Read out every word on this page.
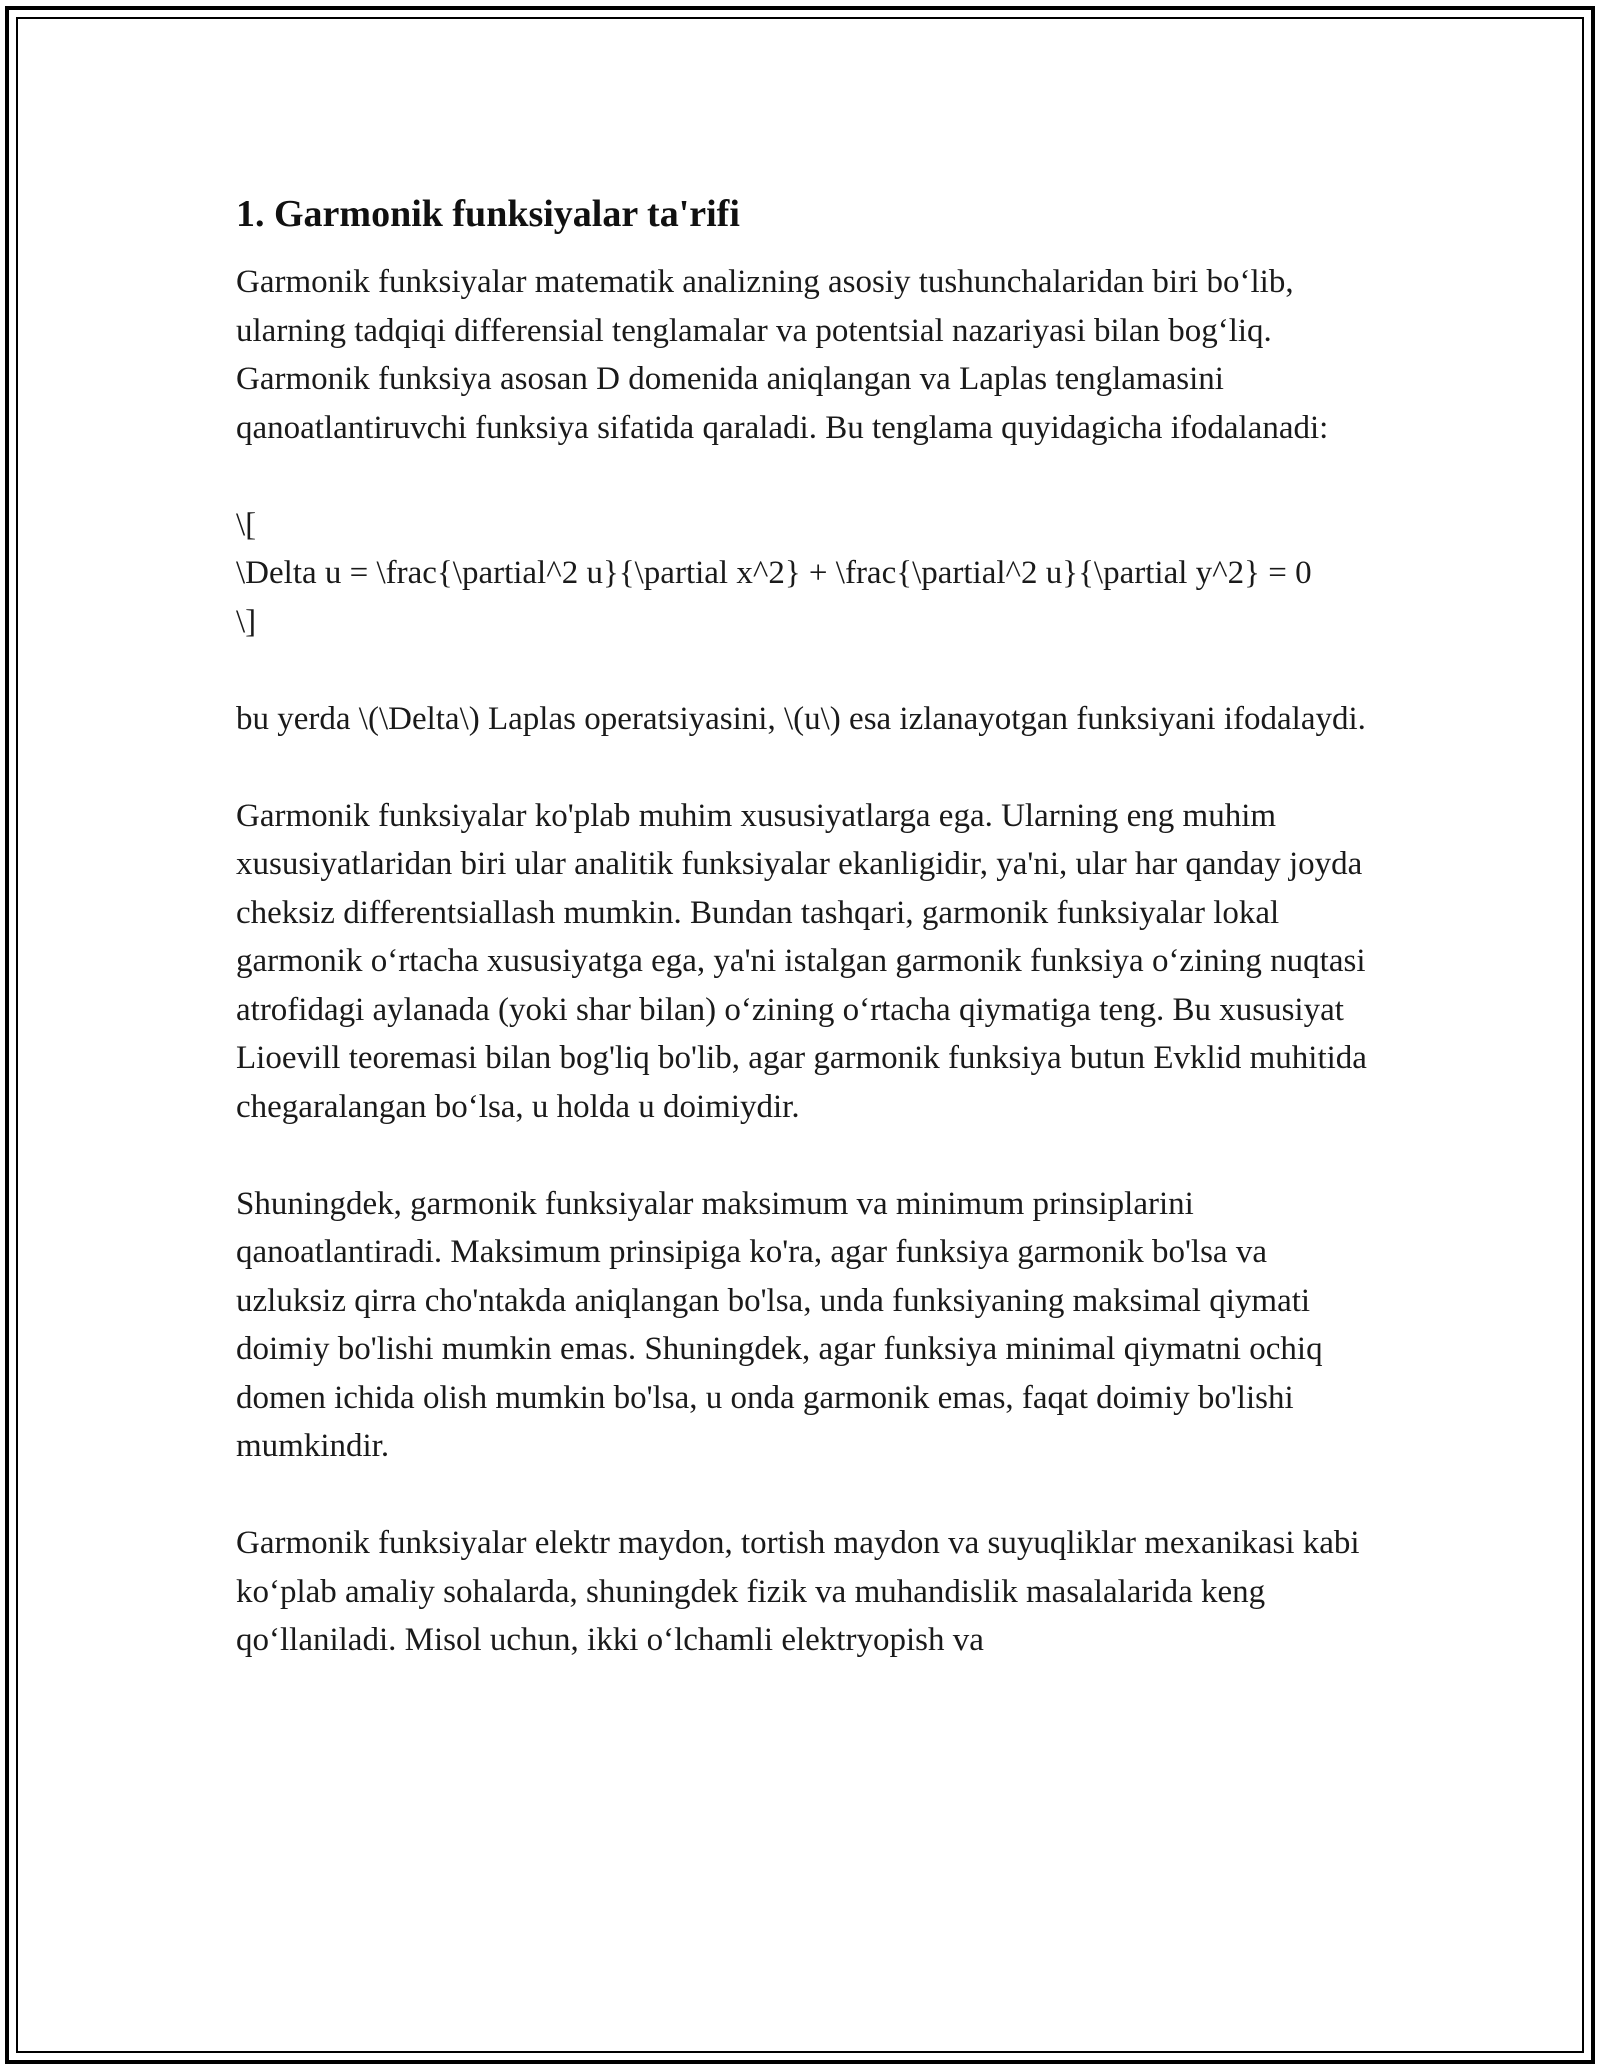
1. Garmonik funksiyalar ta'rifi

Garmonik funksiyalar matematik analizning asosiy tushunchalaridan biri bo‘lib, ularning tadqiqi differensial tenglamalar va potentsial nazariyasi bilan bog‘liq. Garmonik funksiya asosan D domenida aniqlangan va Laplas tenglamasini qanoatlantiruvchi funksiya sifatida qaraladi. Bu tenglama quyidagicha ifodalanadi:

\[
\Delta u = \frac{\partial^2 u}{\partial x^2} + \frac{\partial^2 u}{\partial y^2} = 0
\]

bu yerda \(\Delta\) Laplas operatsiyasini, \(u\) esa izlanayotgan funksiyani ifodalaydi.

Garmonik funksiyalar ko'plab muhim xususiyatlarga ega. Ularning eng muhim xususiyatlaridan biri ular analitik funksiyalar ekanligidir, ya'ni, ular har qanday joyda cheksiz differentsiallash mumkin. Bundan tashqari, garmonik funksiyalar lokal garmonik o‘rtacha xususiyatga ega, ya'ni istalgan garmonik funksiya o‘zining nuqtasi atrofidagi aylanada (yoki shar bilan) o‘zining o‘rtacha qiymatiga teng. Bu xususiyat Lioevill teoremasi bilan bog'liq bo'lib, agar garmonik funksiya butun Evklid muhitida chegaralangan bo‘lsa, u holda u doimiydir.

Shuningdek, garmonik funksiyalar maksimum va minimum prinsiplarini qanoatlantiradi. Maksimum prinsipiga ko'ra, agar funksiya garmonik bo'lsa va uzluksiz qirra cho'ntakda aniqlangan bo'lsa, unda funksiyaning maksimal qiymati doimiy bo'lishi mumkin emas. Shuningdek, agar funksiya minimal qiymatni ochiq domen ichida olish mumkin bo'lsa, u onda garmonik emas, faqat doimiy bo'lishi mumkindir.

Garmonik funksiyalar elektr maydon, tortish maydon va suyuqliklar mexanikasi kabi ko‘plab amaliy sohalarda, shuningdek fizik va muhandislik masalalarida keng qo‘llaniladi. Misol uchun, ikki o‘lchamli elektryopish va
